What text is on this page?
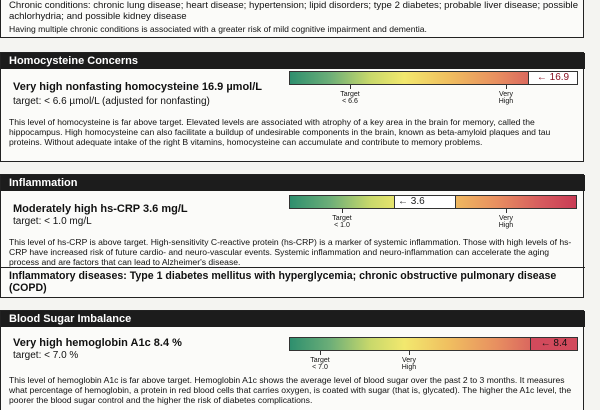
Chronic conditions: chronic lung disease; heart disease; hypertension; lipid disorders; type 2 diabetes; probable liver disease; possible achlorhydria; and possible kidney disease
Having multiple chronic conditions is associated with a greater risk of mild cognitive impairment and dementia.
Homocysteine Concerns
Very high nonfasting homocysteine 16.9 µmol/L
target: < 6.6 µmol/L (adjusted for nonfasting)
← 16.9
Target
< 6.6
Very
High
This level of homocysteine is far above target. Elevated levels are associated with atrophy of a key area in the brain for memory, called the hippocampus. High homocysteine can also facilitate a buildup of undesirable components in the brain, known as beta-amyloid plaques and tau proteins. Without adequate intake of the right B vitamins, homocysteine can accumulate and contribute to memory problems.
Inflammation
Moderately high hs-CRP 3.6 mg/L
target: < 1.0 mg/L
← 3.6
Target
< 1.0
Very
High
This level of hs-CRP is above target. High-sensitivity C-reactive protein (hs-CRP) is a marker of systemic inflammation. Those with high levels of hs-CRP have increased risk of future cardio- and neuro-vascular events. Systemic inflammation and neuro-inflammation can accelerate the aging process and are factors that can lead to Alzheimer's disease.
Inflammatory diseases: Type 1 diabetes mellitus with hyperglycemia; chronic obstructive pulmonary disease (COPD)
Blood Sugar Imbalance
Very high hemoglobin A1c 8.4 %
target: < 7.0 %
← 8.4
Target
< 7.0
Very
High
This level of hemoglobin A1c is far above target. Hemoglobin A1c shows the average level of blood sugar over the past 2 to 3 months. It measures what percentage of hemoglobin, a protein in red blood cells that carries oxygen, is coated with sugar (that is, glycated). The higher the A1c level, the poorer the blood sugar control and the higher the risk of diabetes complications.
